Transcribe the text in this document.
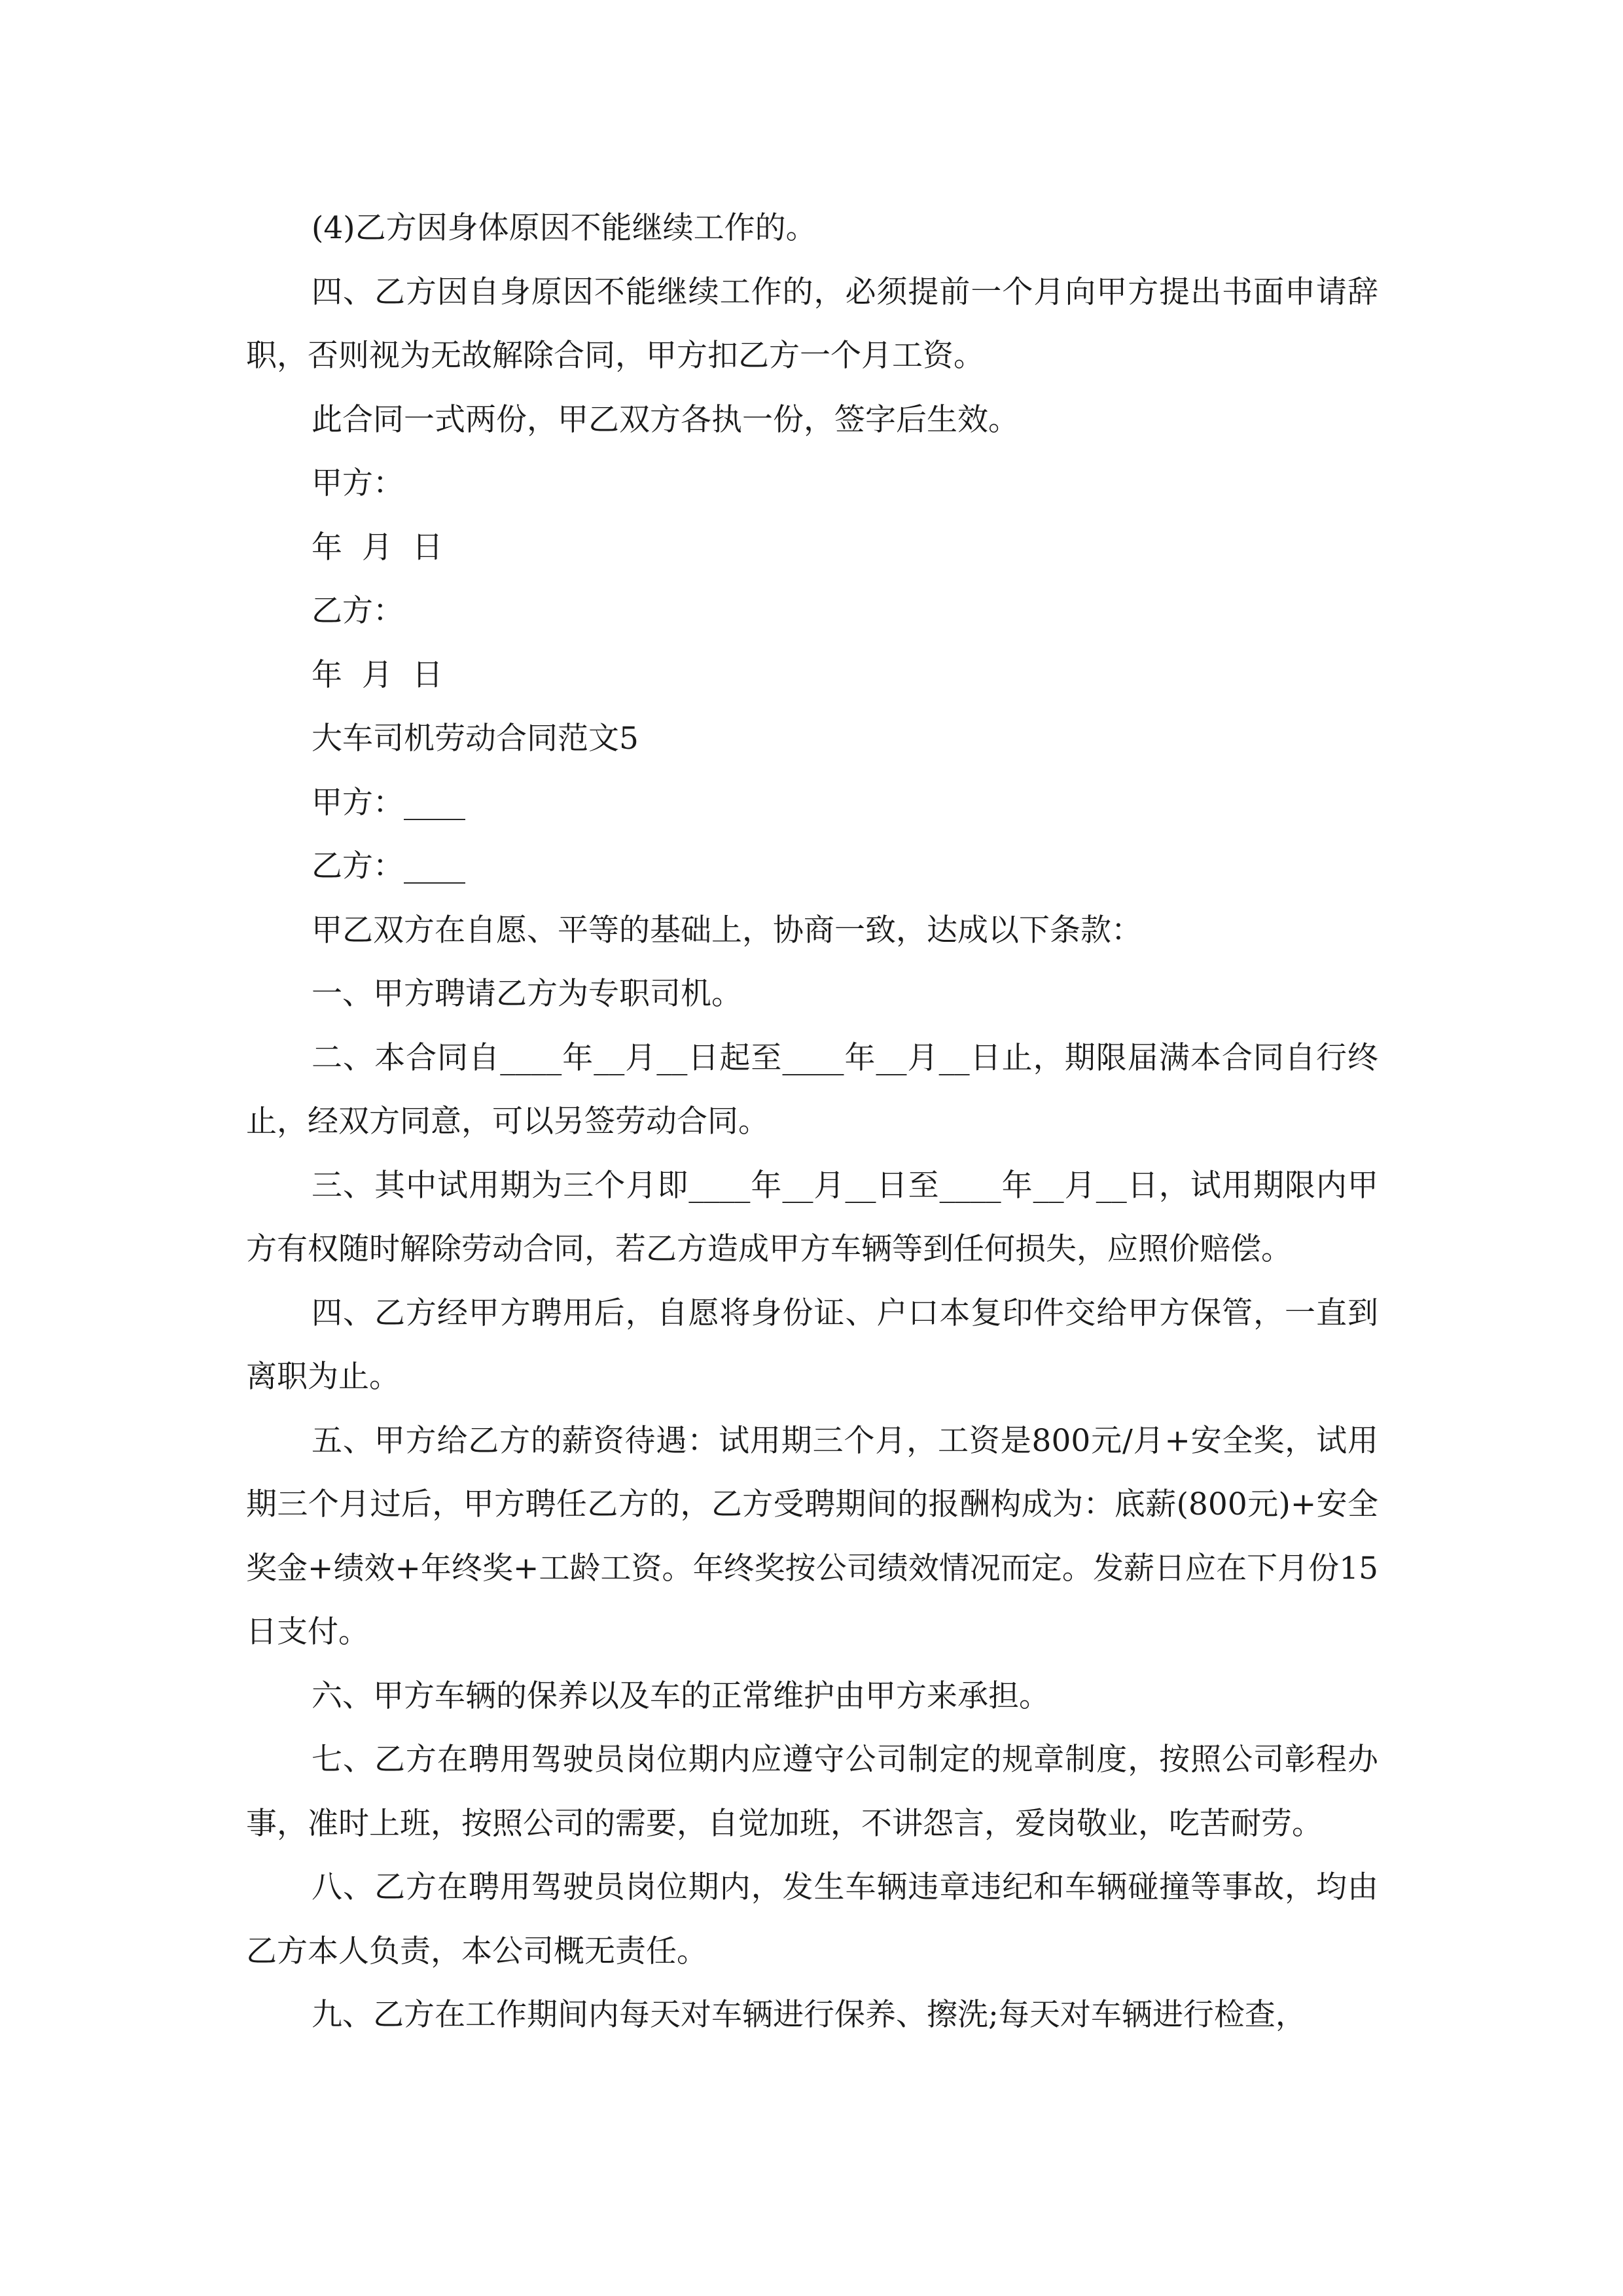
(4)乙方因身体原因不能继续工作的。

四、乙方因自身原因不能继续工作的，必须提前一个月向甲方提出书面申请辞职，否则视为无故解除合同，甲方扣乙方一个月工资。

此合同一式两份，甲乙双方各执一份，签字后生效。

甲方：

年  月  日

乙方：

年  月  日

大车司机劳动合同范文5

甲方：____

乙方：____

甲乙双方在自愿、平等的基础上，协商一致，达成以下条款：

一、甲方聘请乙方为专职司机。

二、本合同自____年__月__日起至____年__月__日止，期限届满本合同自行终止，经双方同意，可以另签劳动合同。

三、其中试用期为三个月即____年__月__日至____年__月__日，试用期限内甲方有权随时解除劳动合同，若乙方造成甲方车辆等到任何损失，应照价赔偿。

四、乙方经甲方聘用后，自愿将身份证、户口本复印件交给甲方保管，一直到离职为止。

五、甲方给乙方的薪资待遇：试用期三个月，工资是800元/月+安全奖，试用期三个月过后，甲方聘任乙方的，乙方受聘期间的报酬构成为：底薪(800元)+安全奖金+绩效+年终奖+工龄工资。年终奖按公司绩效情况而定。发薪日应在下月份15日支付。

六、甲方车辆的保养以及车的正常维护由甲方来承担。

七、乙方在聘用驾驶员岗位期内应遵守公司制定的规章制度，按照公司彰程办事，准时上班，按照公司的需要，自觉加班，不讲怨言，爱岗敬业，吃苦耐劳。

八、乙方在聘用驾驶员岗位期内，发生车辆违章违纪和车辆碰撞等事故，均由乙方本人负责，本公司概无责任。

九、乙方在工作期间内每天对车辆进行保养、擦洗;每天对车辆进行检查，
